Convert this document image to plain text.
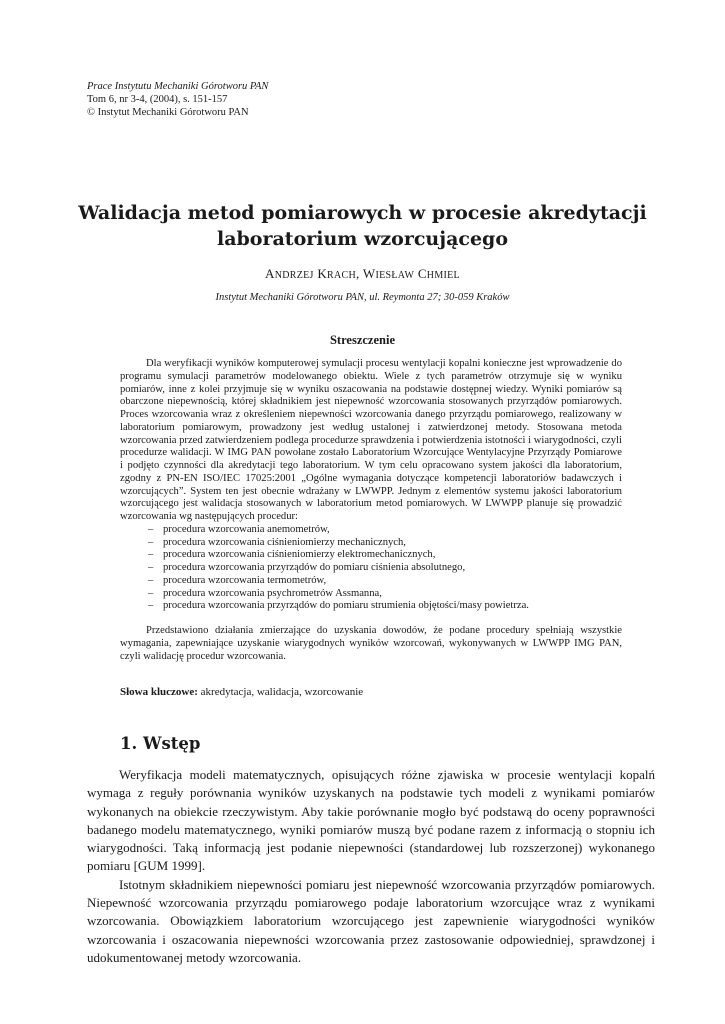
Prace Instytutu Mechaniki Górotworu PAN
Tom 6, nr 3-4, (2004), s. 151-157
© Instytut Mechaniki Górotworu PAN
Walidacja metod pomiarowych w procesie akredytacji
laboratorium wzorcującego
ANDRZEJ KRACH, WIESŁAW CHMIEL
Instytut Mechaniki Górotworu PAN, ul. Reymonta 27; 30-059 Kraków
Streszczenie

Dla weryfikacji wyników komputerowej symulacji procesu wentylacji kopalni konieczne jest wprowadzenie do programu symulacji parametrów modelowanego obiektu. Wiele z tych parametrów otrzymuje się w wyniku pomiarów, inne z kolei przyjmuje się w wyniku oszacowania na podstawie dostępnej wiedzy. Wyniki pomiarów są obarczone niepewnością, której składnikiem jest niepewność wzorcowania stosowanych przyrządów pomiarowych. Proces wzorcowania wraz z określeniem niepewności wzorcowania danego przyrządu pomiarowego, realizowany w laboratorium pomiarowym, prowadzony jest według ustalonej i zatwierdzonej metody. Stosowana metoda wzorcowania przed zatwierdzeniem podlega procedurze sprawdzenia i potwierdzenia istotności i wiarygodności, czyli procedurze walidacji. W IMG PAN powołane zostało Laboratorium Wzorcujące Wentylacyjne Przyrządy Pomiarowe i podjęto czynności dla akredytacji tego laboratorium. W tym celu opracowano system jakości dla laboratorium, zgodny z PN-EN ISO/IEC 17025:2001 „Ogólne wymagania dotyczące kompetencji laboratoriów badawczych i wzorcujących”. System ten jest obecnie wdrażany w LWWPP. Jednym z elementów systemu jakości laboratorium wzorcującego jest walidacja stosowanych w laboratorium metod pomiarowych. W LWWPP planuje się prowadzić wzorcowania wg następujących procedur:

– procedura wzorcowania anemometrów,
– procedura wzorcowania ciśnieniomierzy mechanicznych,
– procedura wzorcowania ciśnieniomierzy elektromechanicznych,
– procedura wzorcowania przyrządów do pomiaru ciśnienia absolutnego,
– procedura wzorcowania termometrów,
– procedura wzorcowania psychrometrów Assmanna,
– procedura wzorcowania przyrządów do pomiaru strumienia objętości/masy powietrza.

Przedstawiono działania zmierzające do uzyskania dowodów, że podane procedury spełniają wszystkie wymagania, zapewniające uzyskanie wiarygodnych wyników wzorcowań, wykonywanych w LWWPP IMG PAN, czyli walidację procedur wzorcowania.

Słowa kluczowe: akredytacja, walidacja, wzorcowanie
1. Wstęp

Weryfikacja modeli matematycznych, opisujących różne zjawiska w procesie wentylacji kopalń wymaga z reguły porównania wyników uzyskanych na podstawie tych modeli z wynikami pomiarów wykonanych na obiekcie rzeczywistym. Aby takie porównanie mogło być podstawą do oceny poprawności badanego modelu matematycznego, wyniki pomiarów muszą być podane razem z informacją o stopniu ich wiarygodności. Taką informacją jest podanie niepewności (standardowej lub rozszerzonej) wykonanego pomiaru [GUM 1999].

Istotnym składnikiem niepewności pomiaru jest niepewność wzorcowania przyrządów pomiarowych. Niepewność wzorcowania przyrządu pomiarowego podaje laboratorium wzorcujące wraz z wynikami wzorcowania. Obowiązkiem laboratorium wzorcującego jest zapewnienie wiarygodności wyników wzorcowania i oszacowania niepewności wzorcowania przez zastosowanie odpowiedniej, sprawdzonej i udokumentowanej metody wzorcowania.
